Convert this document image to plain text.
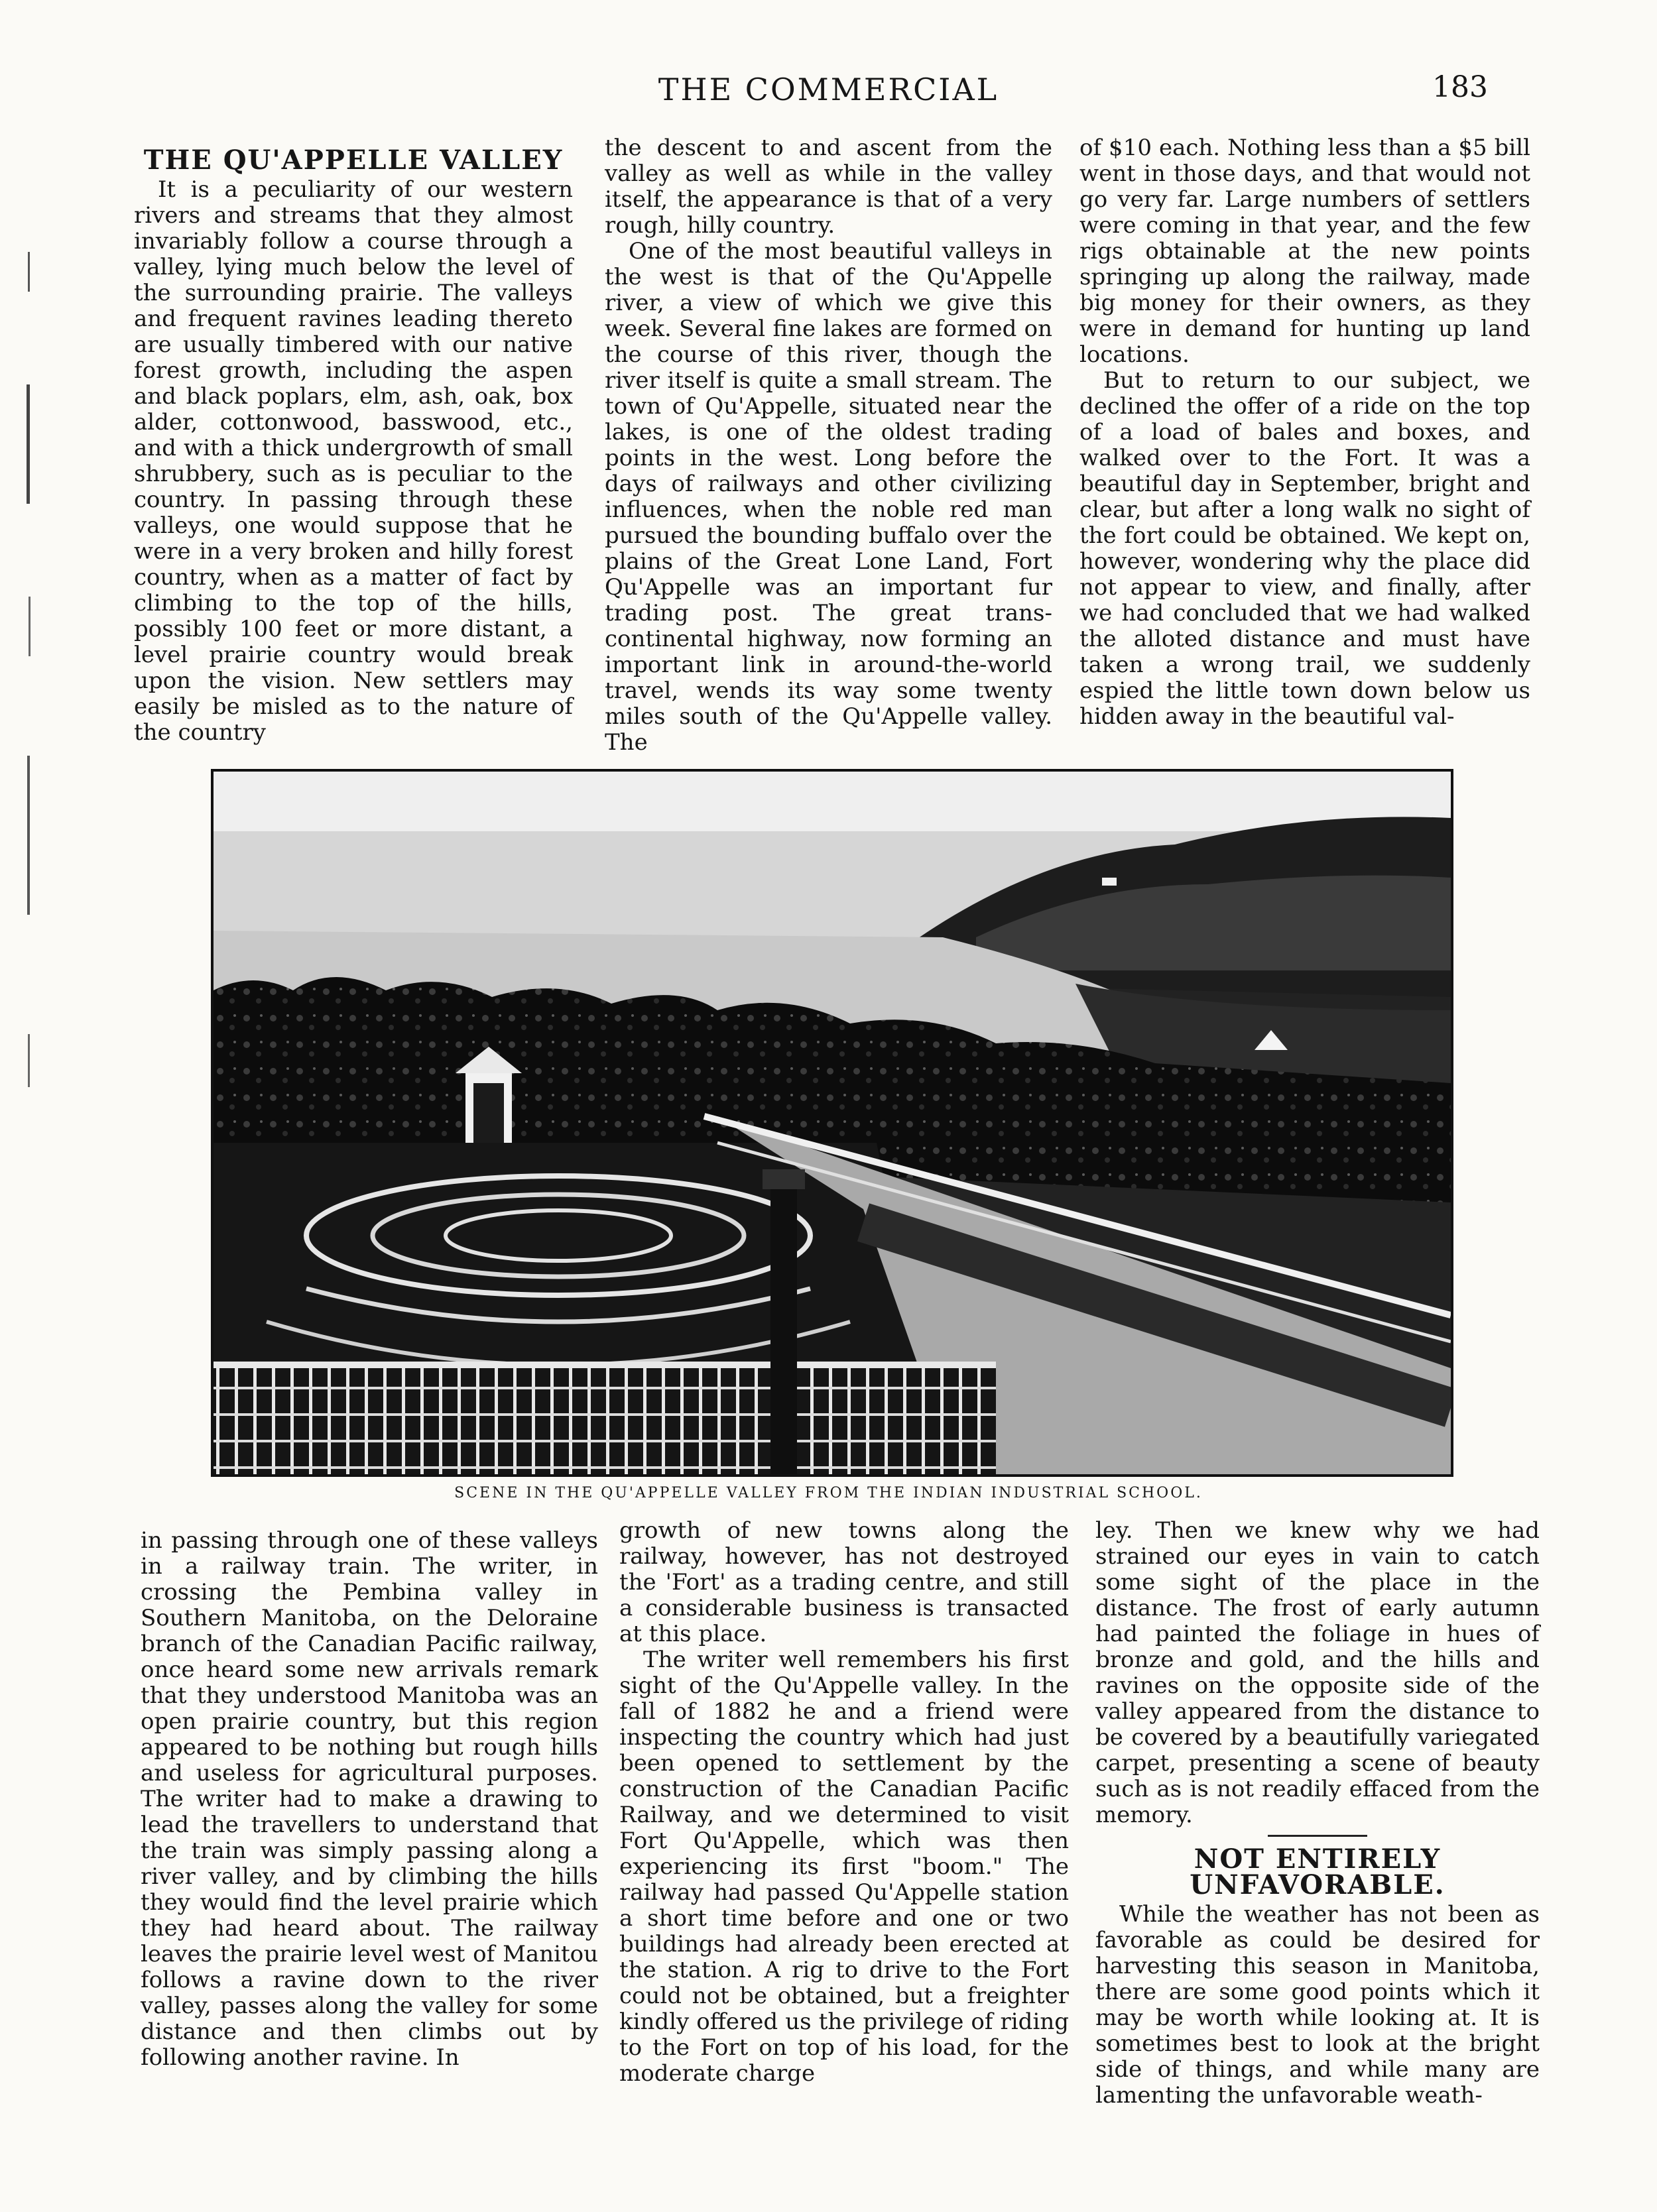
THE COMMERCIAL	183
THE QU'APPELLE VALLEY

It is a peculiarity of our western rivers and streams that they almost invariably follow a course through a valley, lying much below the level of the surrounding prairie. The valleys and frequent ravines leading thereto are usually timbered with our native forest growth, including the aspen and black poplars, elm, ash, oak, box alder, cottonwood, basswood, etc., and with a thick undergrowth of small shrubbery, such as is peculiar to the country. In passing through these valleys, one would suppose that he were in a very broken and hilly forest country, when as a matter of fact by climbing to the top of the hills, possibly 100 feet or more distant, a level prairie country would break upon the vision. New settlers may easily be misled as to the nature of the country

the descent to and ascent from the valley as well as while in the valley itself, the appearance is that of a very rough, hilly country.

One of the most beautiful valleys in the west is that of the Qu'Appelle river, a view of which we give this week. Several fine lakes are formed on the course of this river, though the river itself is quite a small stream. The town of Qu'Appelle, situated near the lakes, is one of the oldest trading points in the west. Long before the days of railways and other civilizing influences, when the noble red man pursued the bounding buffalo over the plains of the Great Lone Land, Fort Qu'Appelle was an important fur trading post. The great trans-continental highway, now forming an important link in around-the-world travel, wends its way some twenty miles south of the Qu'Appelle valley. The

of $10 each. Nothing less than a $5 bill went in those days, and that would not go very far. Large numbers of settlers were coming in that year, and the few rigs obtainable at the new points springing up along the railway, made big money for their owners, as they were in demand for hunting up land locations.

But to return to our subject, we declined the offer of a ride on the top of a load of bales and boxes, and walked over to the Fort. It was a beautiful day in September, bright and clear, but after a long walk no sight of the fort could be obtained. We kept on, however, wondering why the place did not appear to view, and finally, after we had concluded that we had walked the alloted distance and must have taken a wrong trail, we suddenly espied the little town down below us hidden away in the beautiful val-

SCENE IN THE QU'APPELLE VALLEY FROM THE INDIAN INDUSTRIAL SCHOOL.

in passing through one of these valleys in a railway train. The writer, in crossing the Pembina valley in Southern Manitoba, on the Deloraine branch of the Canadian Pacific railway, once heard some new arrivals remark that they understood Manitoba was an open prairie country, but this region appeared to be nothing but rough hills and useless for agricultural purposes. The writer had to make a drawing to lead the travellers to understand that the train was simply passing along a river valley, and by climbing the hills they would find the level prairie which they had heard about. The railway leaves the prairie level west of Manitou follows a ravine down to the river valley, passes along the valley for some distance and then climbs out by following another ravine. In

growth of new towns along the railway, however, has not destroyed the 'Fort' as a trading centre, and still a considerable business is transacted at this place.

The writer well remembers his first sight of the Qu'Appelle valley. In the fall of 1882 he and a friend were inspecting the country which had just been opened to settlement by the construction of the Canadian Pacific Railway, and we determined to visit Fort Qu'Appelle, which was then experiencing its first "boom." The railway had passed Qu'Appelle station a short time before and one or two buildings had already been erected at the station. A rig to drive to the Fort could not be obtained, but a freighter kindly offered us the privilege of riding to the Fort on top of his load, for the moderate charge

ley. Then we knew why we had strained our eyes in vain to catch some sight of the place in the distance. The frost of early autumn had painted the foliage in hues of bronze and gold, and the hills and ravines on the opposite side of the valley appeared from the distance to be covered by a beautifully variegated carpet, presenting a scene of beauty such as is not readily effaced from the memory.

NOT ENTIRELY UNFAVORABLE.

While the weather has not been as favorable as could be desired for harvesting this season in Manitoba, there are some good points which it may be worth while looking at. It is sometimes best to look at the bright side of things, and while many are lamenting the unfavorable weath-
